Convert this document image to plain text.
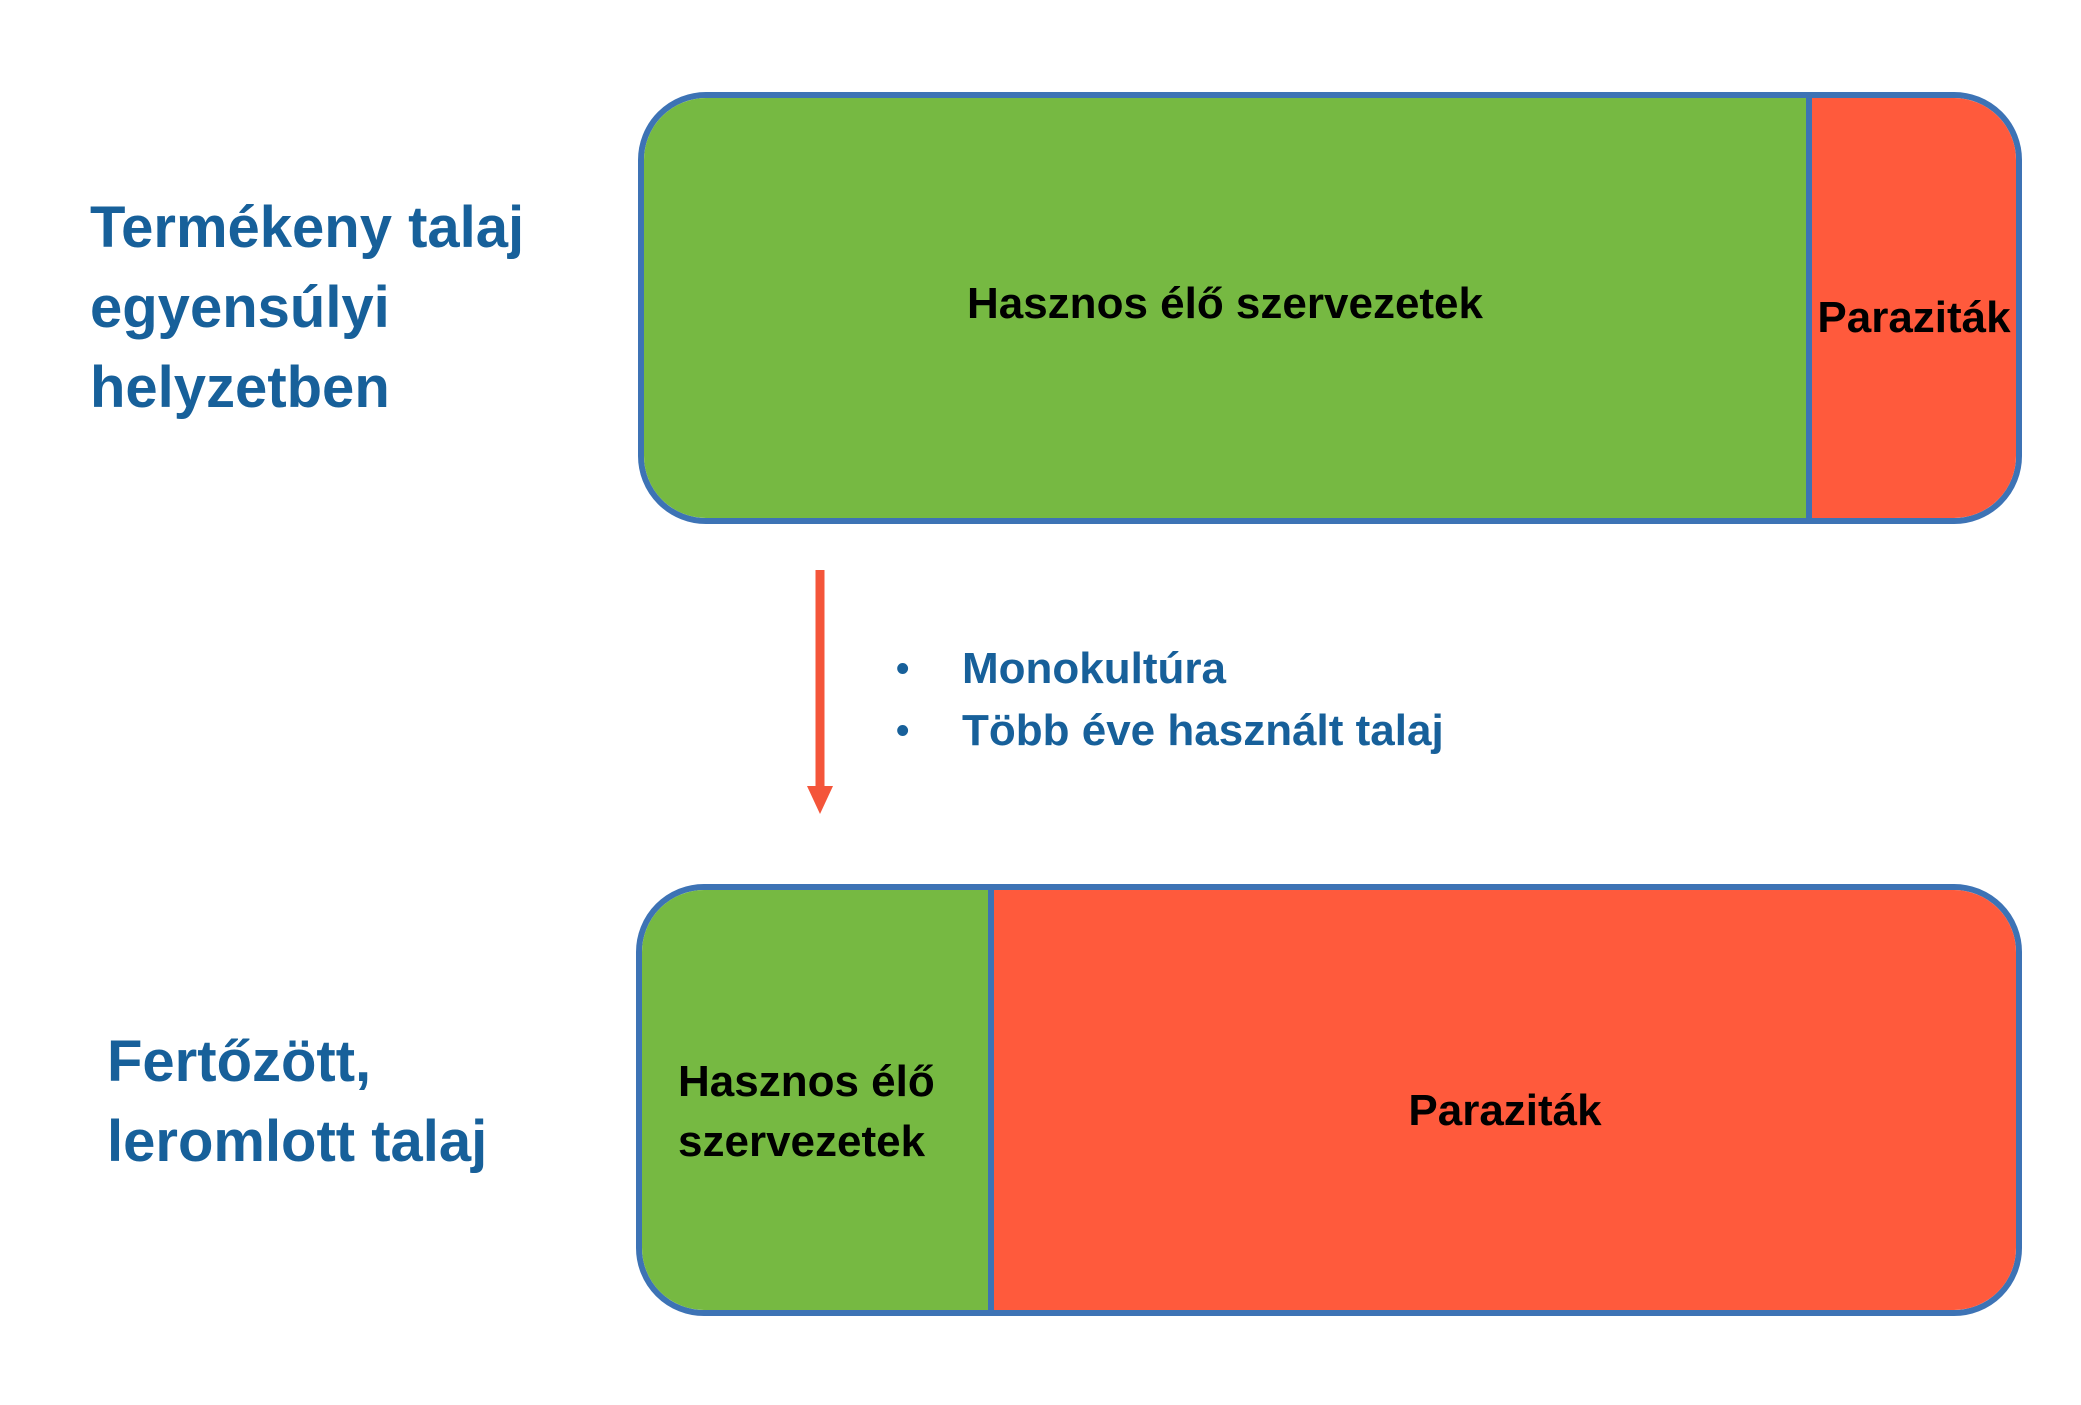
Termékeny talaj
egyensúlyi
helyzetben

Hasznos élő szervezetek	Paraziták
• Monokultúra
• Több éve használt talaj

Fertőzött,
leromlott talaj

Hasznos élő
szervezetek
Paraziták
